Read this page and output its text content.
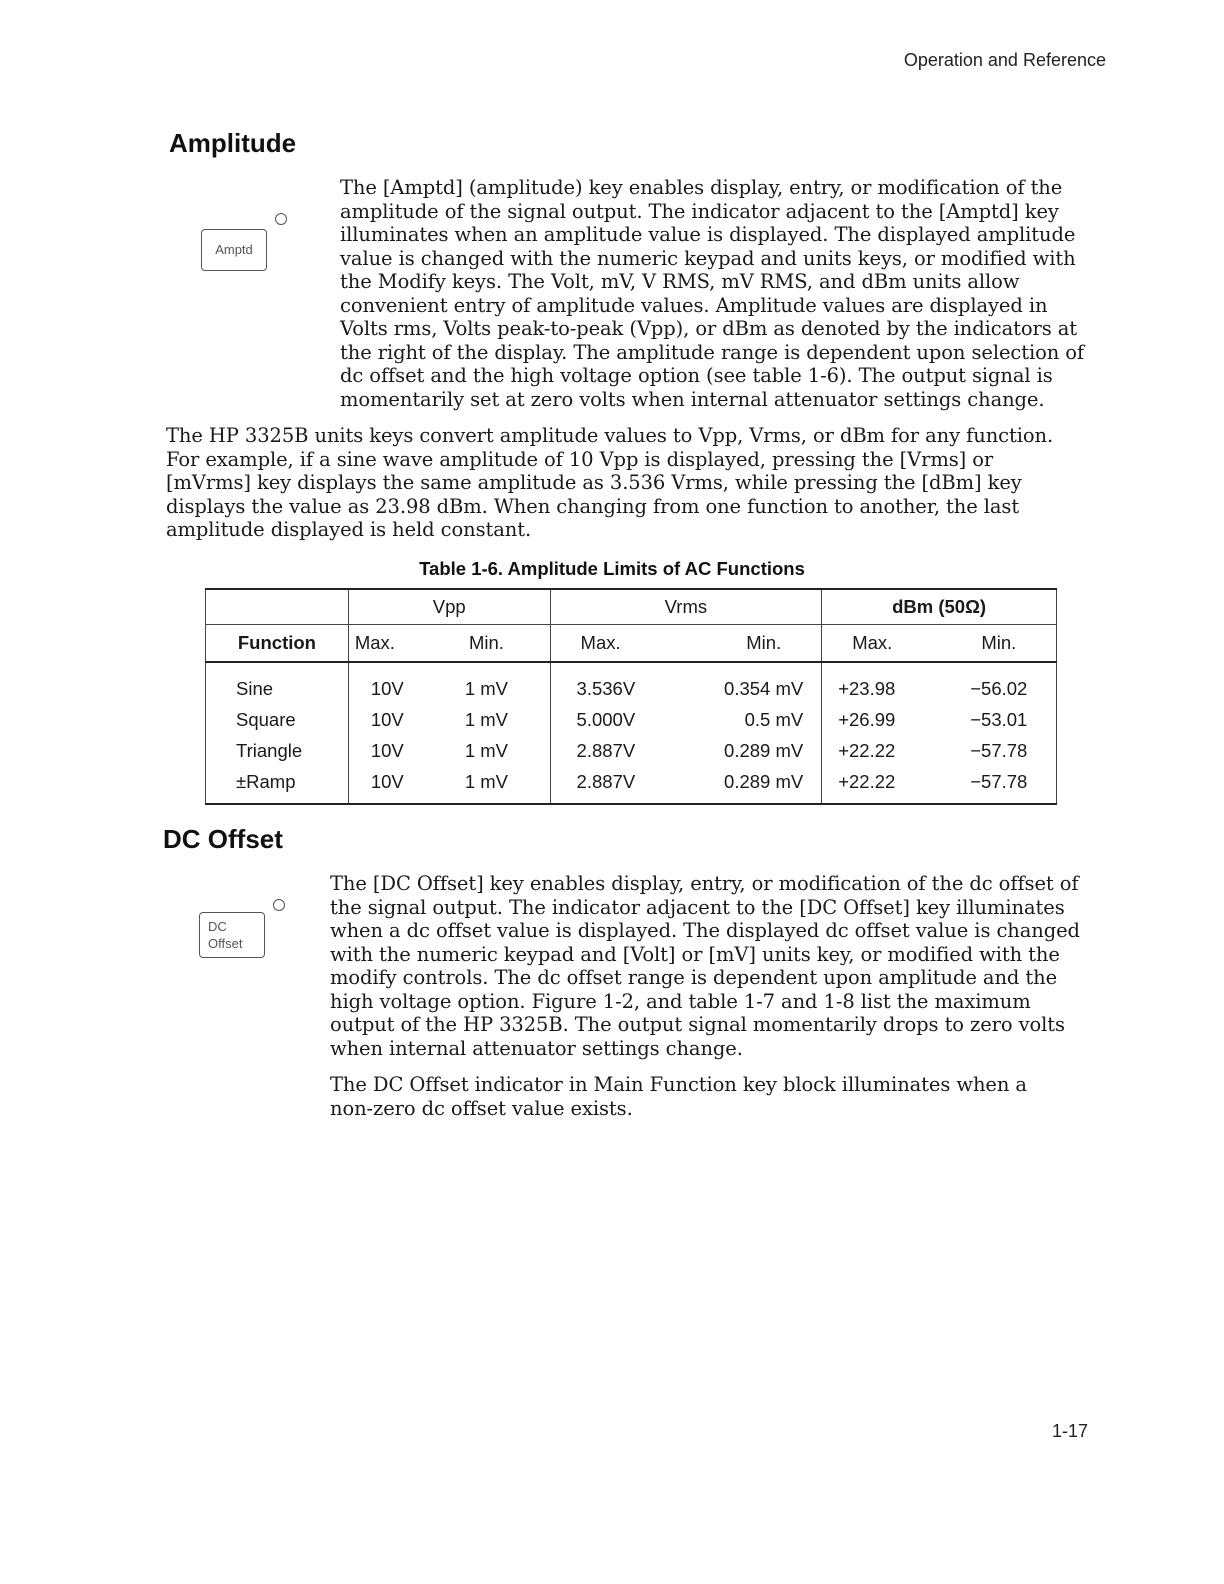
Operation and Reference
Amplitude
Amptd

The [Amptd] (amplitude) key enables display, entry, or modification of the amplitude of the signal output. The indicator adjacent to the [Amptd] key illuminates when an amplitude value is displayed. The displayed amplitude value is changed with the numeric keypad and units keys, or modified with the Modify keys. The Volt, mV, V RMS, mV RMS, and dBm units allow convenient entry of amplitude values. Amplitude values are displayed in Volts rms, Volts peak-to-peak (Vpp), or dBm as denoted by the indicators at the right of the display. The amplitude range is dependent upon selection of dc offset and the high voltage option (see table 1-6). The output signal is momentarily set at zero volts when internal attenuator settings change.

The HP 3325B units keys convert amplitude values to Vpp, Vrms, or dBm for any function. For example, if a sine wave amplitude of 10 Vpp is displayed, pressing the [Vrms] or [mVrms] key displays the same amplitude as 3.536 Vrms, while pressing the [dBm] key displays the value as 23.98 dBm. When changing from one function to another, the last amplitude displayed is held constant.

Table 1-6. Amplitude Limits of AC Functions
	Vpp		Vrms		dBm (50Ω)	
Function	Max.	Min.	Max.	Min.	Max.	Min.
Sine	10V	1 mV	3.536V	0.354 mV	+23.98	−56.02
Square	10V	1 mV	5.000V	0.5 mV	+26.99	−53.01
Triangle	10V	1 mV	2.887V	0.289 mV	+22.22	−57.78
±Ramp	10V	1 mV	2.887V	0.289 mV	+22.22	−57.78
DC Offset
DC
Offset

The [DC Offset] key enables display, entry, or modification of the dc offset of the signal output. The indicator adjacent to the [DC Offset] key illuminates when a dc offset value is displayed. The displayed dc offset value is changed with the numeric keypad and [Volt] or [mV] units key, or modified with the modify controls. The dc offset range is dependent upon amplitude and the high voltage option. Figure 1-2, and table 1-7 and 1-8 list the maximum output of the HP 3325B. The output signal momentarily drops to zero volts when internal attenuator settings change.

The DC Offset indicator in Main Function key block illuminates when a non-zero dc offset value exists.

1-17
